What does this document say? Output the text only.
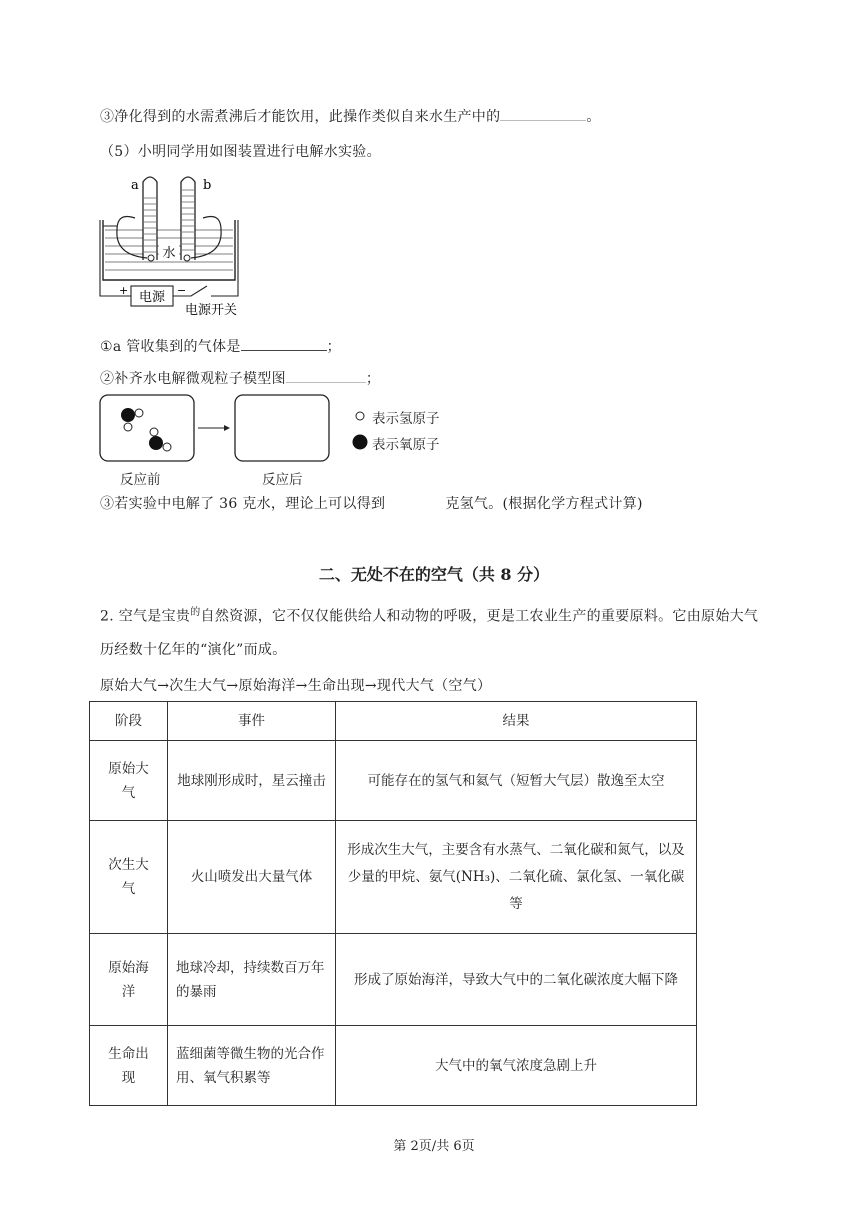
③净化得到的水需煮沸后才能饮用，此操作类似自来水生产中的	。
（5）小明同学用如图装置进行电解水实验。
水
a	b
电源
+	−
电源开关
①a 管收集到的气体是	；
②补齐水电解微观粒子模型图	；
反应前	反应后
表示氢原子
表示氧原子
③若实验中电解了 36 克水，理论上可以得到	克氢气。(根据化学方程式计算)
二、无处不在的空气（共 8 分）
2. 空气是宝贵$^的$自然资源，它不仅仅能供给人和动物的呼吸，更是工农业生产的重要原料。它由原始大气
历经数十亿年的“演化”而成。
原始大气→次生大气→原始海洋→生命出现→现代大气（空气）
阶段	事件	结果
原始大气	地球刚形成时，星云撞击	可能存在的氢气和氦气（短暂大气层）散逸至太空
次生大气	火山喷发出大量气体	形成次生大气，主要含有水蒸气、二氧化碳和氮气，以及少量的甲烷、氨气(NH₃)、二氧化硫、氯化氢、一氧化碳等
原始海洋	地球冷却，持续数百万年的暴雨	形成了原始海洋，导致大气中的二氧化碳浓度大幅下降
生命出现	蓝细菌等微生物的光合作用、氧气积累等	大气中的氧气浓度急剧上升
第 2页/共 6页
